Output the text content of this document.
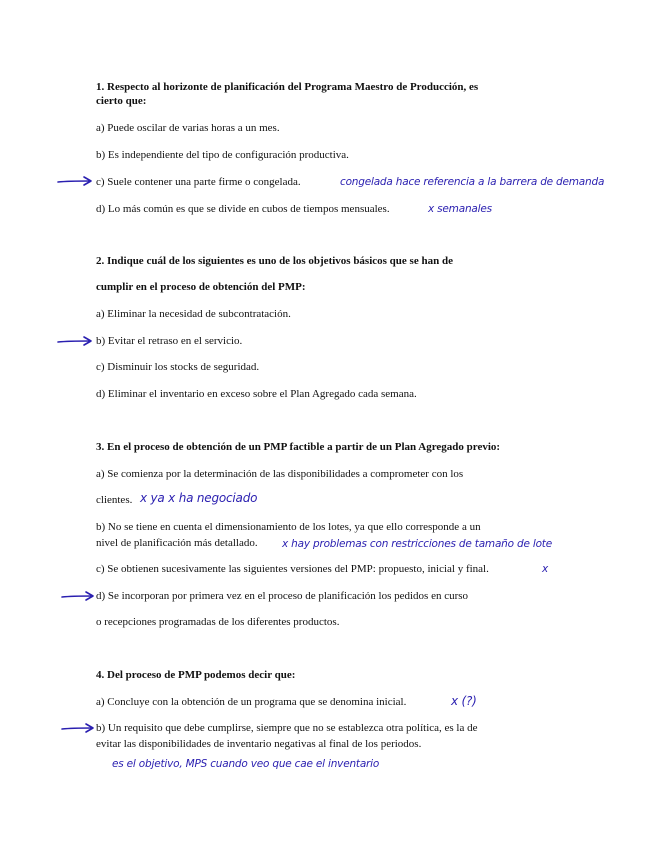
1. Respecto al horizonte de planificación del Programa Maestro de Producción, es
cierto que:
a) Puede oscilar de varias horas a un mes.
b) Es independiente del tipo de configuración productiva.
c) Suele contener una parte firme o congelada.
d) Lo más común es que se divide en cubos de tiempos mensuales.
2. Indique cuál de los siguientes es uno de los objetivos básicos que se han de
cumplir en el proceso de obtención del PMP:
a) Eliminar la necesidad de subcontratación.
b) Evitar el retraso en el servicio.
c) Disminuir los stocks de seguridad.
d) Eliminar el inventario en exceso sobre el Plan Agregado cada semana.
3. En el proceso de obtención de un PMP factible a partir de un Plan Agregado previo:
a) Se comienza por la determinación de las disponibilidades a comprometer con los
clientes.
b) No se tiene en cuenta el dimensionamiento de los lotes, ya que ello corresponde a un
nivel de planificación más detallado.
c) Se obtienen sucesivamente las siguientes versiones del PMP: propuesto, inicial y final.
d) Se incorporan por primera vez en el proceso de planificación los pedidos en curso
o recepciones programadas de los diferentes productos.
4. Del proceso de PMP podemos decir que:
a) Concluye con la obtención de un programa que se denomina inicial.
b) Un requisito que debe cumplirse, siempre que no se establezca otra política, es la de
evitar las disponibilidades de inventario negativas al final de los periodos.
congelada hace referencia a la barrera de demanda
x semanales
x ya x ha negociado
x hay problemas con restricciones de tamaño de lote
x
x (?)
es el objetivo, MPS cuando veo que cae el inventario
